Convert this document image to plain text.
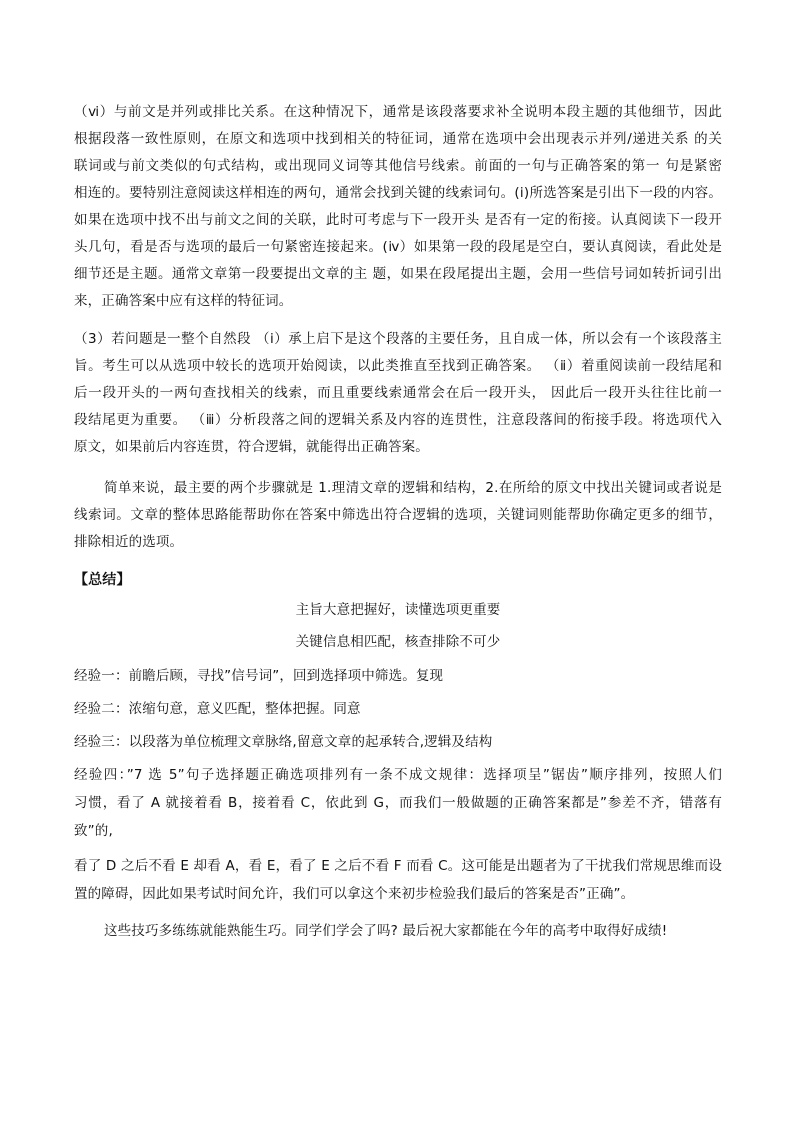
（ⅵ）与前文是并列或排比关系。在这种情况下，通常是该段落要求补全说明本段主题的其他细节，因此
根据段落一致性原则，在原文和选项中找到相关的特征词，通常在选项中会出现表示并列/递进关系 的关
联词或与前文类似的句式结构，或出现同义词等其他信号线索。前面的一句与正确答案的第一 句是紧密
相连的。要特别注意阅读这样相连的两句，通常会找到关键的线索词句。(ⅰ)所选答案是引出下一段的内容。
如果在选项中找不出与前文之间的关联，此时可考虑与下一段开头 是否有一定的衔接。认真阅读下一段开
头几句，看是否与选项的最后一句紧密连接起来。(ⅳ）如果第一段的段尾是空白，要认真阅读，看此处是
细节还是主题。通常文章第一段要提出文章的主 题，如果在段尾提出主题，会用一些信号词如转折词引出
来，正确答案中应有这样的特征词。
（3）若问题是一整个自然段 （ⅰ）承上启下是这个段落的主要任务，且自成一体，所以会有一个该段落主
旨。考生可以从选项中较长的选项开始阅读，以此类推直至找到正确答案。 （ⅱ）着重阅读前一段结尾和
后一段开头的一两句查找相关的线索，而且重要线索通常会在后一段开头， 因此后一段开头往往比前一
段结尾更为重要。 （ⅲ）分析段落之间的逻辑关系及内容的连贯性，注意段落间的衔接手段。将选项代入
原文，如果前后内容连贯，符合逻辑，就能得出正确答案。
简单来说，最主要的两个步骤就是 1.理清文章的逻辑和结构，2.在所给的原文中找出关键词或者说是
线索词。文章的整体思路能帮助你在答案中筛选出符合逻辑的选项，关键词则能帮助你确定更多的细节，
排除相近的选项。
【总结】
主旨大意把握好，读懂选项更重要
关键信息相匹配，核查排除不可少
经验一：前瞻后顾，寻找”信号词”，回到选择项中筛选。复现
经验二：浓缩句意，意义匹配，整体把握。同意
经验三：以段落为单位梳理文章脉络,留意文章的起承转合,逻辑及结构
经验四：”7 选 5”句子选择题正确选项排列有一条不成文规律：选择项呈”锯齿”顺序排列，按照人们
习惯，看了 A 就接着看 B，接着看 C，依此到 G，而我们一般做题的正确答案都是”参差不齐，错落有
致”的,
看了 D 之后不看 E 却看 A，看 E，看了 E 之后不看 F 而看 C。这可能是出题者为了干扰我们常规思维而设
置的障碍，因此如果考试时间允许，我们可以拿这个来初步检验我们最后的答案是否”正确”。
这些技巧多练练就能熟能生巧。同学们学会了吗? 最后祝大家都能在今年的高考中取得好成绩!
